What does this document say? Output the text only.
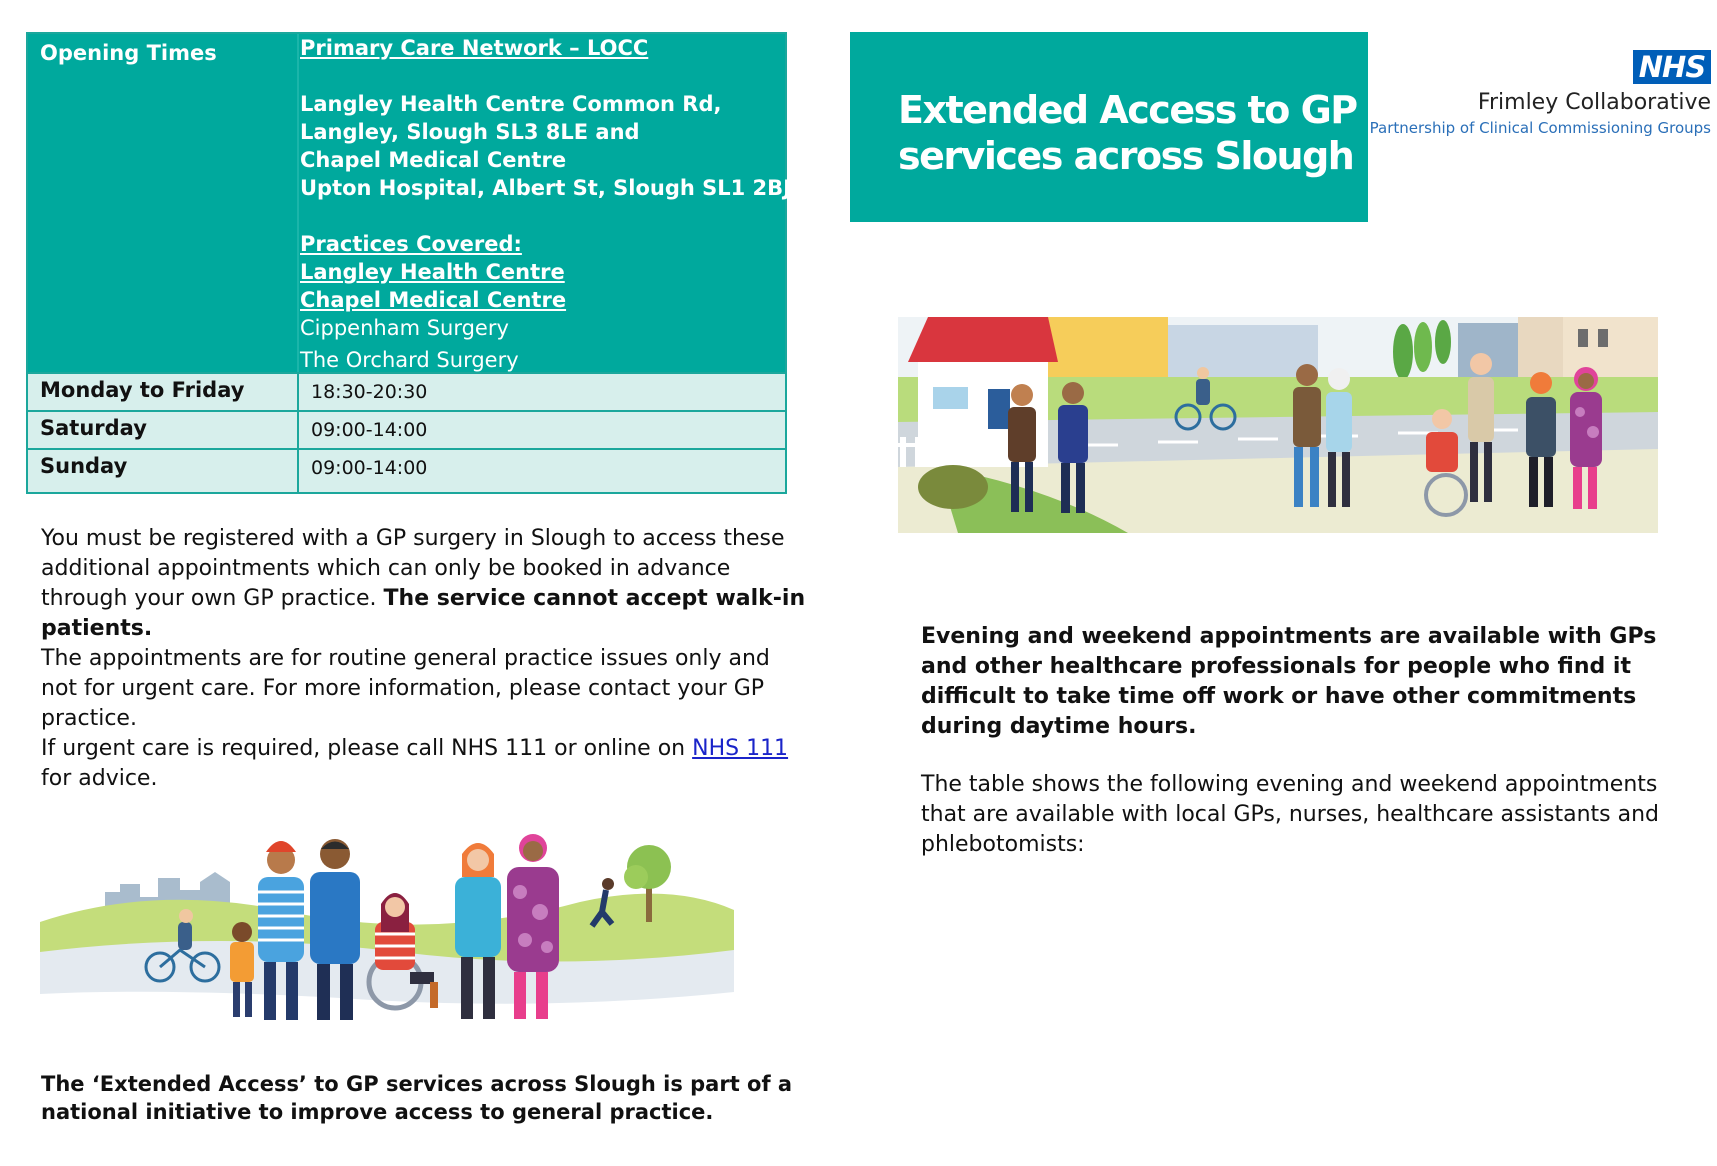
Opening Times	Primary Care Network – LOCC
Langley Health Centre Common Rd,
Langley, Slough SL3 8LE and
Chapel Medical Centre
Upton Hospital, Albert St, Slough SL1 2BJ
Practices Covered:
Langley Health Centre
Chapel Medical Centre
Cippenham Surgery
The Orchard Surgery
Monday to Friday	18:30-20:30
Saturday	09:00-14:00
Sunday	09:00-14:00

You must be registered with a GP surgery in Slough to access these additional appointments which can only be booked in advance through your own GP practice. The service cannot accept walk-in patients.

The appointments are for routine general practice issues only and not for urgent care. For more information, please contact your GP practice.

If urgent care is required, please call NHS 111 or online on NHS 111 for advice.

The ‘Extended Access’ to GP services across Slough is part of a national initiative to improve access to general practice.
Extended Access to GP
services across Slough
NHS
Frimley Collaborative
Partnership of Clinical Commissioning Groups
Evening and weekend appointments are available with GPs and other healthcare professionals for people who find it difficult to take time off work or have other commitments during daytime hours.
The table shows the following evening and weekend appointments that are available with local GPs, nurses, healthcare assistants and phlebotomists:
